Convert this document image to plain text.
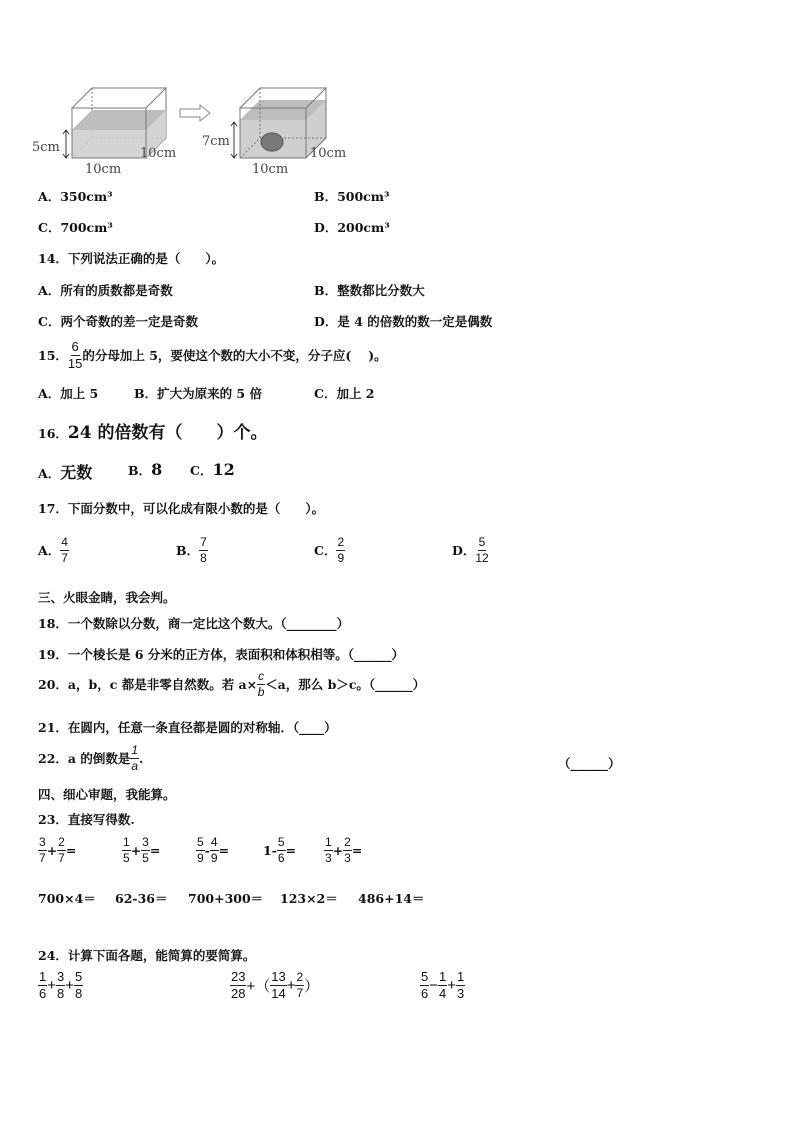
5cm
10cm
10cm
7cm
10cm
10cm
A．350cm³	B．500cm³
C．700cm³	D．200cm³
14．下列说法正确的是（　　）。
A．所有的质数都是奇数	B．整数都比分数大
C．两个奇数的差一定是奇数	D．是 4 的倍数的数一定是偶数
15． $\frac{6}{15}$ 的分母加上 5，要使这个数的大小不变，分子应(　 )。
A．加上 5	B．扩大为原来的 5 倍	C．加上 2
16．24 的倍数有（　　）个。
A．无数	B．8 C．12
17．下面分数中，可以化成有限小数的是（　　）。
A． $\frac{4}{7}$	B． $\frac{7}{8}$	C． $\frac{2}{9}$	D． $\frac{5}{12}$
三、火眼金睛，我会判。
18．一个数除以分数，商一定比这个数大。（________）
19．一个棱长是 6 分米的正方体，表面积和体积相等。（______）
20．a，b，c 都是非零自然数。若 $a\times \frac{c}{b} <a$，那么 b＞c。（______）
21．在圆内，任意一条直径都是圆的对称轴．（____）
22．a 的倒数是 $\frac{1}{a}$ .	（______）
四、细心审题，我能算。
23．直接写得数.
$\frac{3}{7} + \frac{2}{7}$ =	$\frac{1}{5} + \frac{3}{5}$ =	$\frac{5}{9} - \frac{4}{9}$ =	$1- \frac{5}{6} = \frac{1}{3} + \frac{2}{3}$ =
700×4＝ 62-36＝ 700+300＝ 123×2＝ 486+14＝
24．计算下面各题，能简算的要简算。
$\frac{1}{6} + \frac{3}{8} + \frac{5}{8}$	$\frac{23}{28}$ +（ $\frac{13}{14} + \frac{2}{7}$ ）	$\frac{5}{6} - \frac{1}{4} + \frac{1}{3}$
